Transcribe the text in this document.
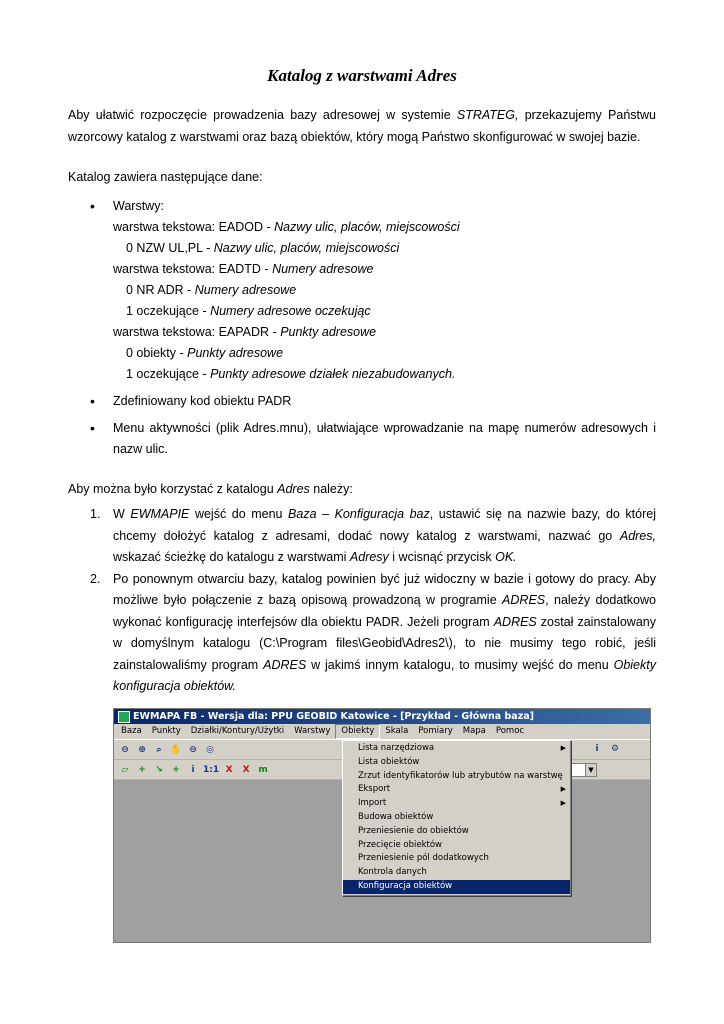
Katalog z warstwami Adres

Aby ułatwić rozpoczęcie prowadzenia bazy adresowej w systemie STRATEG, przekazujemy Państwu wzorcowy katalog z warstwami oraz bazą obiektów, który mogą Państwo skonfigurować w swojej bazie.

Katalog zawiera następujące dane:

• Warstwy:
warstwa tekstowa: EADOD - Nazwy ulic, placów, miejscowości
0 NZW UL,PL - Nazwy ulic, placów, miejscowości
warstwa tekstowa: EADTD - Numery adresowe
0 NR ADR - Numery adresowe
1 oczekujące - Numery adresowe oczekując
warstwa tekstowa: EAPADR - Punkty adresowe
0 obiekty - Punkty adresowe
1 oczekujące - Punkty adresowe działek niezabudowanych.
• Zdefiniowany kod obiektu PADR
• Menu aktywności (plik Adres.mnu), ułatwiające wprowadzanie na mapę numerów adresowych i nazw ulic.

Aby można było korzystać z katalogu Adres należy:

1. W EWMAPIE wejść do menu Baza – Konfiguracja baz, ustawić się na nazwie bazy, do której chcemy dołożyć katalog z adresami, dodać nowy katalog z warstwami, nazwać go Adres, wskazać ścieżkę do katalogu z warstwami Adresy i wcisnąć przycisk OK.
2. Po ponownym otwarciu bazy, katalog powinien być już widoczny w bazie i gotowy do pracy. Aby możliwe było połączenie z bazą opisową prowadzoną w programie ADRES, należy dodatkowo wykonać konfigurację interfejsów dla obiektu PADR. Jeżeli program ADRES został zainstalowany w domyślnym katalogu (C:\Program files\Geobid\Adres2\), to nie musimy tego robić, jeśli zainstalowaliśmy program ADRES w jakimś innym katalogu, to musimy wejść do menu Obiekty konfiguracja obiektów.
EWMAPA FB - Wersja dla: PPU GEOBID Katowice - [Przykład - Główna baza]
Baza	Punkty	Działki/Kontury/Użytki	Warstwy	Obiekty	Skala	Pomiary	Mapa	Pomoc
⊖	⊕	⌕ ✋ ⊖	◎	i	⚙
▱	+	↘	+	i 1:1 X	X m	▼
Lista narzędziowa	▶
Lista obiektów
Zrzut identyfikatorów lub atrybutów na warstwę
Eksport	▶
Import	▶
Budowa obiektów
Przeniesienie do obiektów
Przecięcie obiektów
Przeniesienie pól dodatkowych
Kontrola danych
Konfiguracja obiektów
